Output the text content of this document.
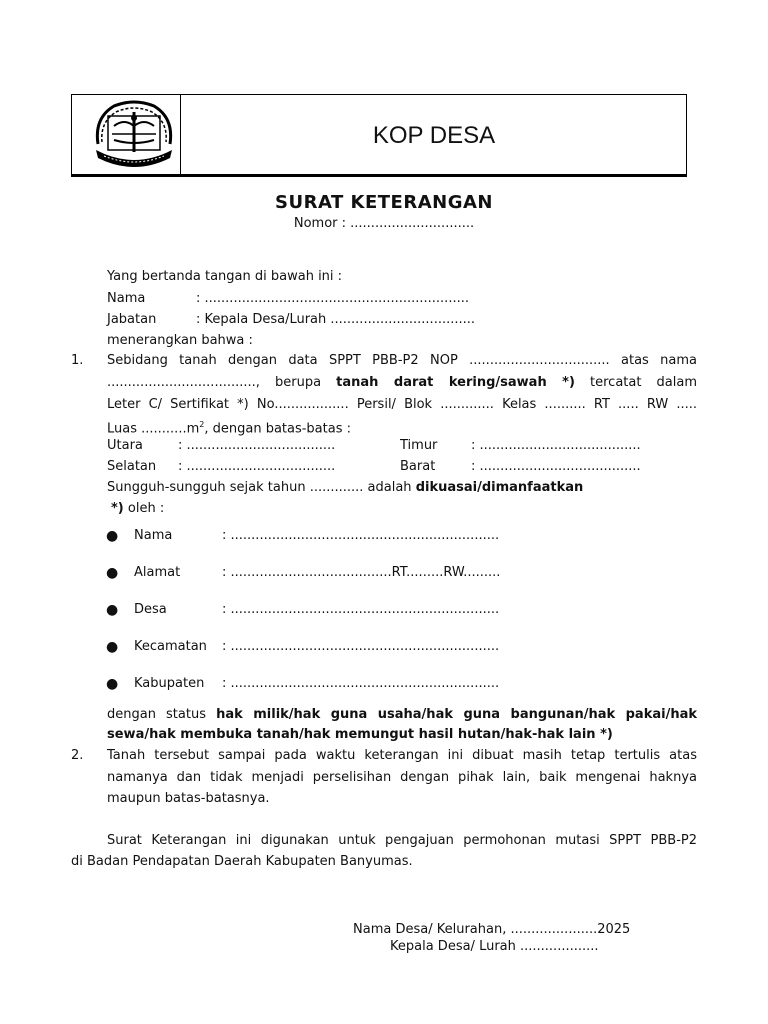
KOP DESA
SURAT KETERANGAN
Nomor : ..............................
Yang bertanda tangan di bawah ini :
Nama	: ................................................................
Jabatan	: Kepala Desa/Lurah ...................................
menerangkan bahwa :
1. Sebidang tanah dengan data SPPT PBB-P2 NOP .................................. atas nama
...................................., berupa tanah darat kering/sawah *) tercatat dalam
Leter C/ Sertifikat *) No.................. Persil/ Blok ............. Kelas .......... RT ..... RW .....
Luas $...........m^2$, dengan batas-batas :
Utara	: ....................................	Timur	: .......................................
Selatan : ....................................	Barat	: .......................................
Sungguh-sungguh sejak tahun ............. adalah dikuasai/dimanfaatkan
*) oleh :
● Nama	: .................................................................
● Alamat	: .......................................RT.........RW.........
● Desa	: .................................................................
● Kecamatan : .................................................................
● Kabupaten : .................................................................
dengan status hak milik/hak guna usaha/hak guna bangunan/hak pakai/hak
sewa/hak membuka tanah/hak memungut hasil hutan/hak-hak lain *)
2. Tanah tersebut sampai pada waktu keterangan ini dibuat masih tetap tertulis atas
namanya dan tidak menjadi perselisihan dengan pihak lain, baik mengenai haknya
maupun batas-batasnya.
Surat Keterangan ini digunakan untuk pengajuan permohonan mutasi SPPT PBB-P2
di Badan Pendapatan Daerah Kabupaten Banyumas.
Nama Desa/ Kelurahan, .....................2025
Kepala Desa/ Lurah ...................
